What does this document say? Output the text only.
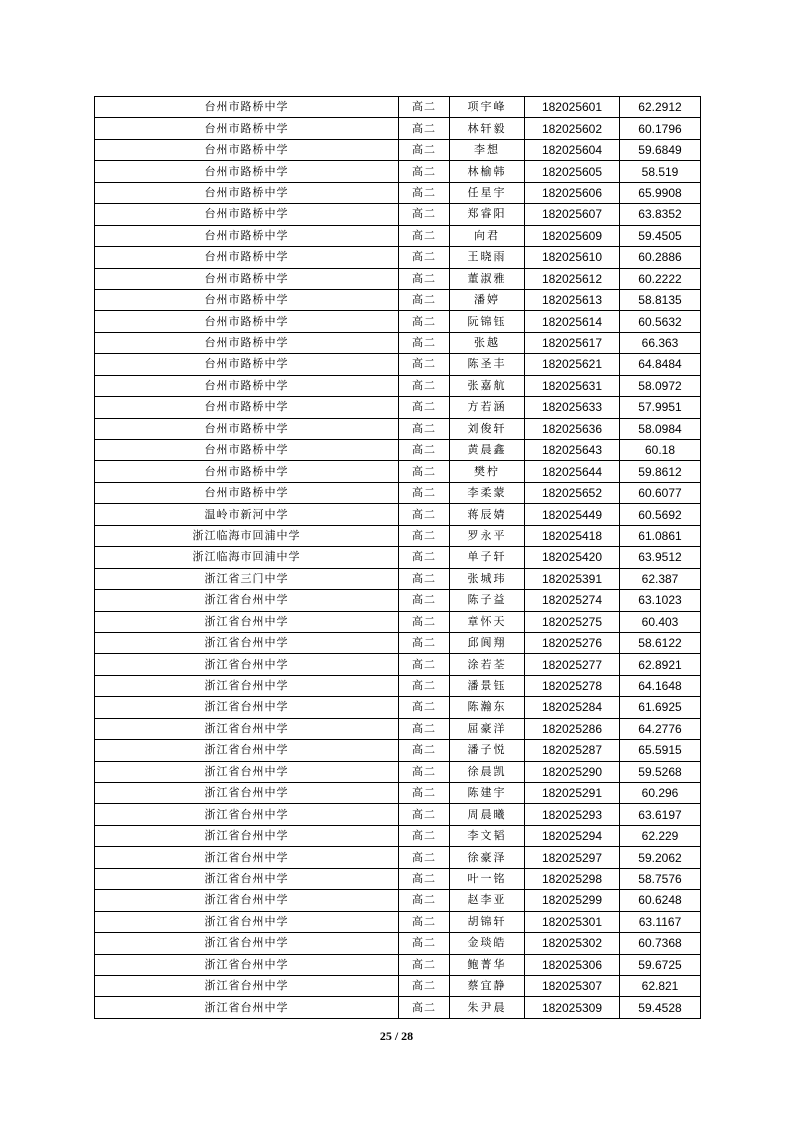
台州市路桥中学	高二	项宇峰	182025601	62.2912
台州市路桥中学	高二	林轩毅	182025602	60.1796
台州市路桥中学	高二	李想	182025604	59.6849
台州市路桥中学	高二	林榆韩	182025605	58.519
台州市路桥中学	高二	任星宇	182025606	65.9908
台州市路桥中学	高二	郑睿阳	182025607	63.8352
台州市路桥中学	高二	向君	182025609	59.4505
台州市路桥中学	高二	王晓雨	182025610	60.2886
台州市路桥中学	高二	董淑雅	182025612	60.2222
台州市路桥中学	高二	潘婷	182025613	58.8135
台州市路桥中学	高二	阮锦钰	182025614	60.5632
台州市路桥中学	高二	张越	182025617	66.363
台州市路桥中学	高二	陈圣丰	182025621	64.8484
台州市路桥中学	高二	张嘉航	182025631	58.0972
台州市路桥中学	高二	方若涵	182025633	57.9951
台州市路桥中学	高二	刘俊轩	182025636	58.0984
台州市路桥中学	高二	黄晨鑫	182025643	60.18
台州市路桥中学	高二	樊柠	182025644	59.8612
台州市路桥中学	高二	李柔蒙	182025652	60.6077
温岭市新河中学	高二	蒋辰婧	182025449	60.5692
浙江临海市回浦中学	高二	罗永平	182025418	61.0861
浙江临海市回浦中学	高二	单子轩	182025420	63.9512
浙江省三门中学	高二	张城玮	182025391	62.387
浙江省台州中学	高二	陈子益	182025274	63.1023
浙江省台州中学	高二	章怀天	182025275	60.403
浙江省台州中学	高二	邱阆翔	182025276	58.6122
浙江省台州中学	高二	涂若荃	182025277	62.8921
浙江省台州中学	高二	潘景钰	182025278	64.1648
浙江省台州中学	高二	陈瀚东	182025284	61.6925
浙江省台州中学	高二	屈豪洋	182025286	64.2776
浙江省台州中学	高二	潘子悦	182025287	65.5915
浙江省台州中学	高二	徐晨凯	182025290	59.5268
浙江省台州中学	高二	陈建宇	182025291	60.296
浙江省台州中学	高二	周晨曦	182025293	63.6197
浙江省台州中学	高二	李文韬	182025294	62.229
浙江省台州中学	高二	徐豪泽	182025297	59.2062
浙江省台州中学	高二	叶一铭	182025298	58.7576
浙江省台州中学	高二	赵李亚	182025299	60.6248
浙江省台州中学	高二	胡锦轩	182025301	63.1167
浙江省台州中学	高二	金琰皓	182025302	60.7368
浙江省台州中学	高二	鲍菁华	182025306	59.6725
浙江省台州中学	高二	蔡宜静	182025307	62.821
浙江省台州中学	高二	朱尹晨	182025309	59.4528
25 / 28
